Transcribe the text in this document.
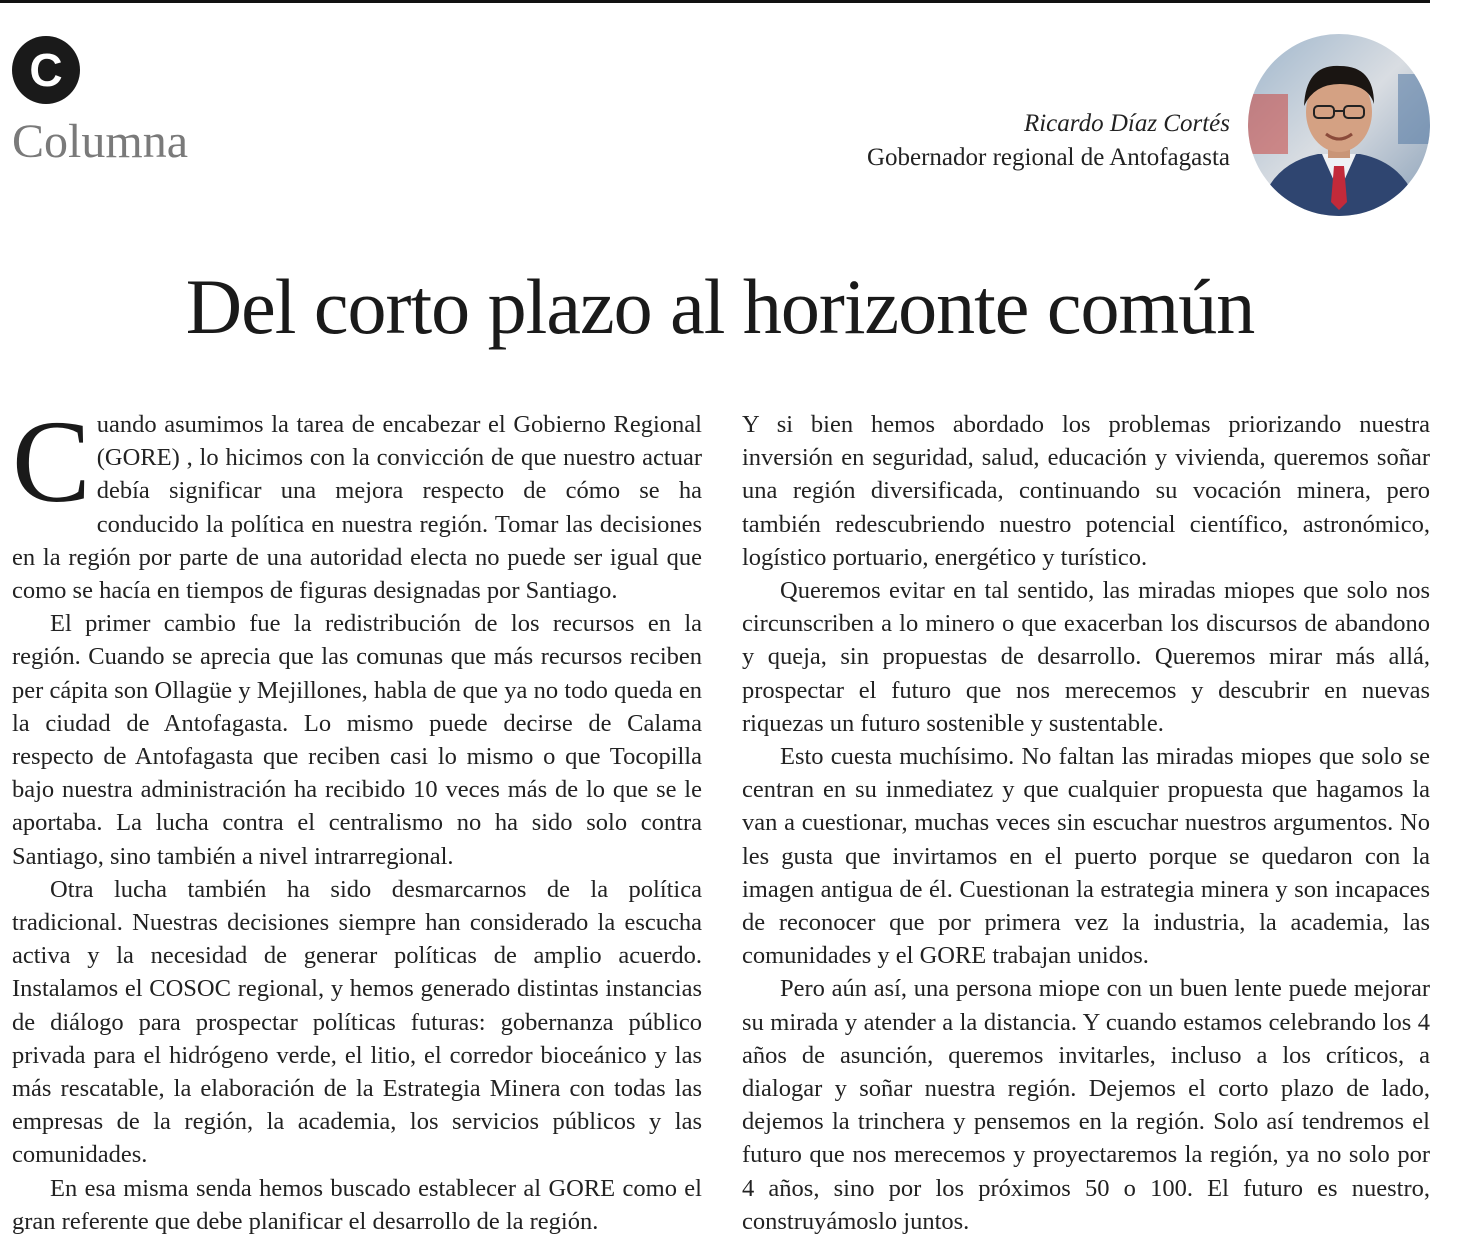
C
Columna	Ricardo Díaz Cortés
Gobernador regional de Antofagasta
Del corto plazo al horizonte común

Cuando asumimos la tarea de encabezar el Gobierno Regional (GORE) , lo hicimos con la convicción de que nuestro actuar debía significar una mejora respecto de cómo se ha conducido la política en nuestra región. Tomar las decisiones en la región por parte de una autoridad electa no puede ser igual que como se hacía en tiempos de figuras designadas por Santiago.

El primer cambio fue la redistribución de los recursos en la región. Cuando se aprecia que las comunas que más recursos reciben per cápita son Ollagüe y Mejillones, habla de que ya no todo queda en la ciudad de Antofagasta. Lo mismo puede decirse de Calama respecto de Antofagasta que reciben casi lo mismo o que Tocopilla bajo nuestra administración ha recibido 10 veces más de lo que se le aportaba. La lucha contra el centralismo no ha sido solo contra Santiago, sino también a nivel intrarregional.

Otra lucha también ha sido desmarcarnos de la política tradicional. Nuestras decisiones siempre han considerado la escucha activa y la necesidad de generar políticas de amplio acuerdo. Instalamos el COSOC regional, y hemos generado distintas instancias de diálogo para prospectar políticas futuras: gobernanza público privada para el hidrógeno verde, el litio, el corredor bioceánico y las más rescatable, la elaboración de la Estrategia Minera con todas las empresas de la región, la academia, los servicios públicos y las comunidades.

En esa misma senda hemos buscado establecer al GORE como el gran referente que debe planificar el desarrollo de la región.

Y si bien hemos abordado los problemas priorizando nuestra inversión en seguridad, salud, educación y vivienda, queremos soñar una región diversificada, continuando su vocación minera, pero también redescubriendo nuestro potencial científico, astronómico, logístico portuario, energético y turístico.

Queremos evitar en tal sentido, las miradas miopes que solo nos circunscriben a lo minero o que exacerban los discursos de abandono y queja, sin propuestas de desarrollo. Queremos mirar más allá, prospectar el futuro que nos merecemos y descubrir en nuevas riquezas un futuro sostenible y sustentable.

Esto cuesta muchísimo. No faltan las miradas miopes que solo se centran en su inmediatez y que cualquier propuesta que hagamos la van a cuestionar, muchas veces sin escuchar nuestros argumentos. No les gusta que invirtamos en el puerto porque se quedaron con la imagen antigua de él. Cuestionan la estrategia minera y son incapaces de reconocer que por primera vez la industria, la academia, las comunidades y el GORE trabajan unidos.

Pero aún así, una persona miope con un buen lente puede mejorar su mirada y atender a la distancia. Y cuando estamos celebrando los 4 años de asunción, queremos invitarles, incluso a los críticos, a dialogar y soñar nuestra región. Dejemos el corto plazo de lado, dejemos la trinchera y pensemos en la región. Solo así tendremos el futuro que nos merecemos y proyectaremos la región, ya no solo por 4 años, sino por los próximos 50 o 100. El futuro es nuestro, construyámoslo juntos.
